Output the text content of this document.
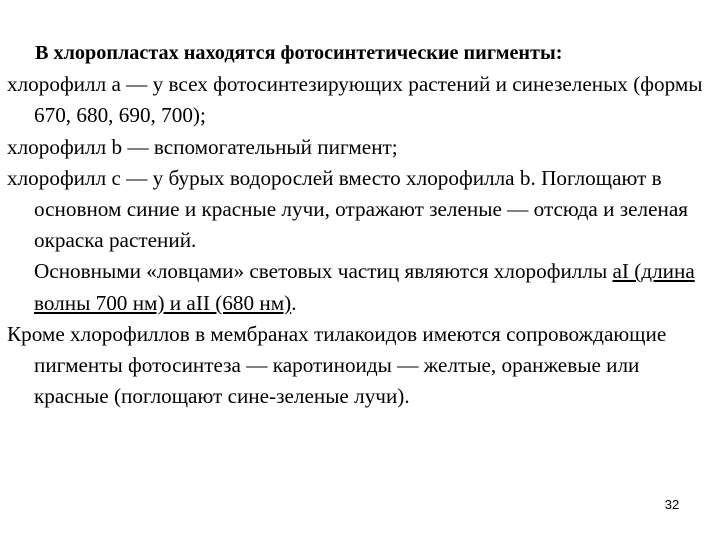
В хлоропластах находятся фотосинтетические пигменты:

хлорофилл а — у всех фотосинтезирующих растений и синезеленых (формы 670, 680, 690, 700);

хлорофилл b — вспомогательный пигмент;

хлорофилл c — у бурых водорослей вместо хлорофилла b. Поглощают в основном синие и красные лучи, отражают зеленые — отсюда и зеленая окраска растений.

Основными «ловцами» световых частиц являются хлорофиллы aI (длина волны 700 нм) и aII (680 нм).

Кроме хлорофиллов в мембранах тилакоидов имеются сопровождающие пигменты фотосинтеза — каротиноиды — желтые, оранжевые или красные (поглощают сине-зеленые лучи).

32
